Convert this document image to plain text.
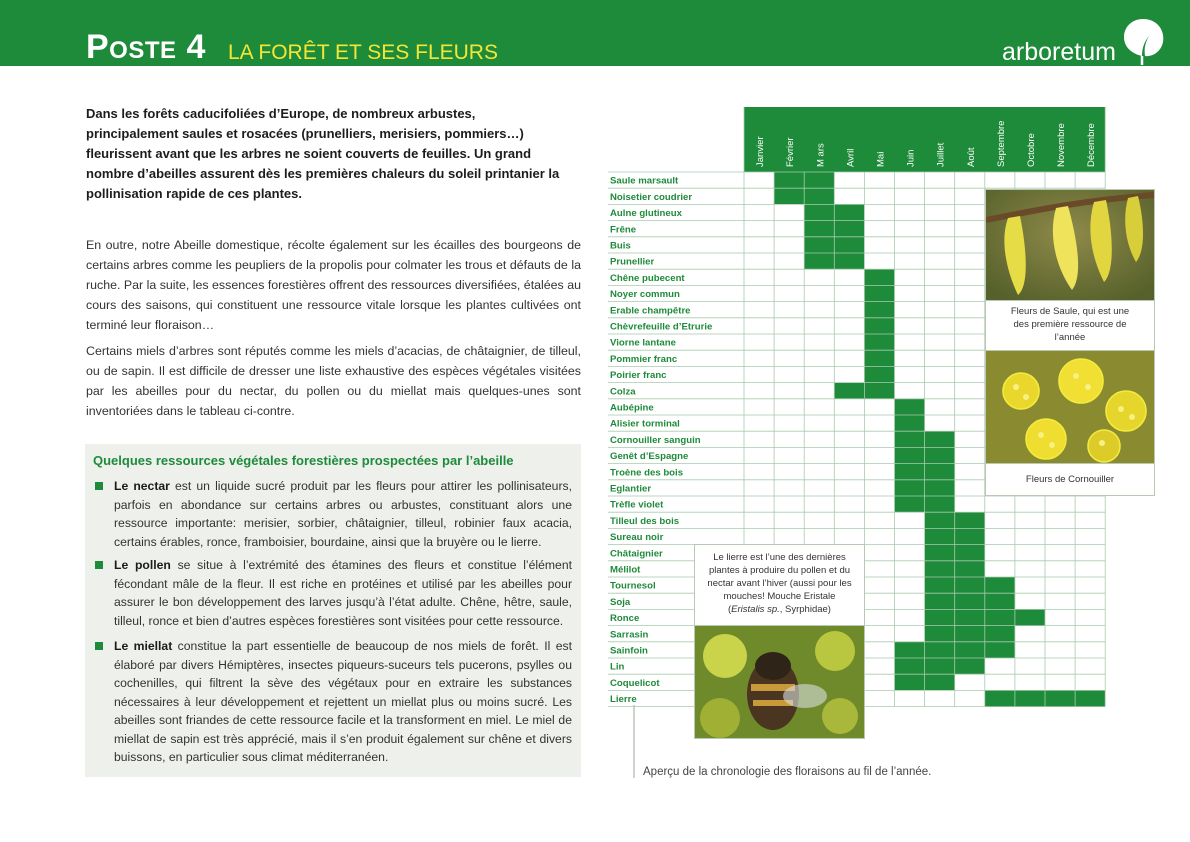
Poste 4 LA FORÊT ET SES FLEURS	arboretum
Dans les forêts caducifoliées d’Europe, de nombreux arbustes, principalement saules et rosacées (prunelliers, merisiers, pommiers…) fleurissent avant que les arbres ne soient couverts de feuilles. Un grand nombre d’abeilles assurent dès les premières chaleurs du soleil printanier la pollinisation rapide de ces plantes.
En outre, notre Abeille domestique, récolte également sur les écailles des bourgeons de certains arbres comme les peupliers de la propolis pour colmater les trous et défauts de la ruche. Par la suite, les essences forestières offrent des ressources diversifiées, étalées au cours des saisons, qui constituent une ressource vitale lorsque les plantes cultivées ont terminé leur floraison…
Certains miels d’arbres sont réputés comme les miels d’acacias, de châtaignier, de tilleul, ou de sapin. Il est difficile de dresser une liste exhaustive des espèces végétales visitées par les abeilles pour du nectar, du pollen ou du miellat mais quelques-unes sont inventoriées dans le tableau ci-contre.
Quelques ressources végétales forestières prospectées par l’abeille
Le nectar est un liquide sucré produit par les fleurs pour attirer les pollinisateurs, parfois en abondance sur certains arbres ou arbustes, constituant alors une ressource importante: merisier, sorbier, châtaignier, tilleul, robinier faux acacia, certains érables, ronce, framboisier, bourdaine, ainsi que la bruyère ou le lierre.
Le pollen se situe à l’extrémité des étamines des fleurs et constitue l’élément fécondant mâle de la fleur. Il est riche en protéines et utilisé par les abeilles pour assurer le bon développement des larves jusqu’à l’état adulte. Chêne, hêtre, saule, tilleul, ronce et bien d’autres espèces forestières sont visitées pour cette ressource.
Le miellat constitue la part essentielle de beaucoup de nos miels de forêt. Il est élaboré par divers Hémiptères, insectes piqueurs-suceurs tels pucerons, psylles ou cochenilles, qui filtrent la sève des végétaux pour en extraire les substances nécessaires à leur développement et rejettent un miellat plus ou moins sucré. Les abeilles sont friandes de cette ressource facile et la transforment en miel. Le miel de miellat de sapin est très apprécié, mais il s’en produit également sur chêne et divers buissons, en particulier sous climat méditerranéen.
Janvier Février M ars Avril Mai Juin Juillet Août Septembre Octobre Novembre Décembre
Saule marsault
Noisetier coudrier
Aulne glutineux
Frêne
Buis
Prunellier
Chêne pubecent
Noyer commun
Erable champêtre
Chèvrefeuille d’Etrurie
Viorne lantane
Pommier franc
Poirier franc
Colza
Aubépine
Alisier torminal
Cornouiller sanguin
Genêt d’Espagne
Troène des bois
Eglantier
Trèfle violet
Tilleul des bois
Sureau noir
Châtaignier
Mélilot
Tournesol
Soja
Ronce
Sarrasin
Sainfoin
Lin
Coquelicot
Lierre
Fleurs de Saule, qui est une des première ressource de l’année
Fleurs de Cornouiller
Le lierre est l’une des dernières plantes à produire du pollen et du nectar avant l’hiver (aussi pour les mouches! Mouche Eristale (Eristalis sp., Syrphidae)
Aperçu de la chronologie des floraisons au fil de l’année.
